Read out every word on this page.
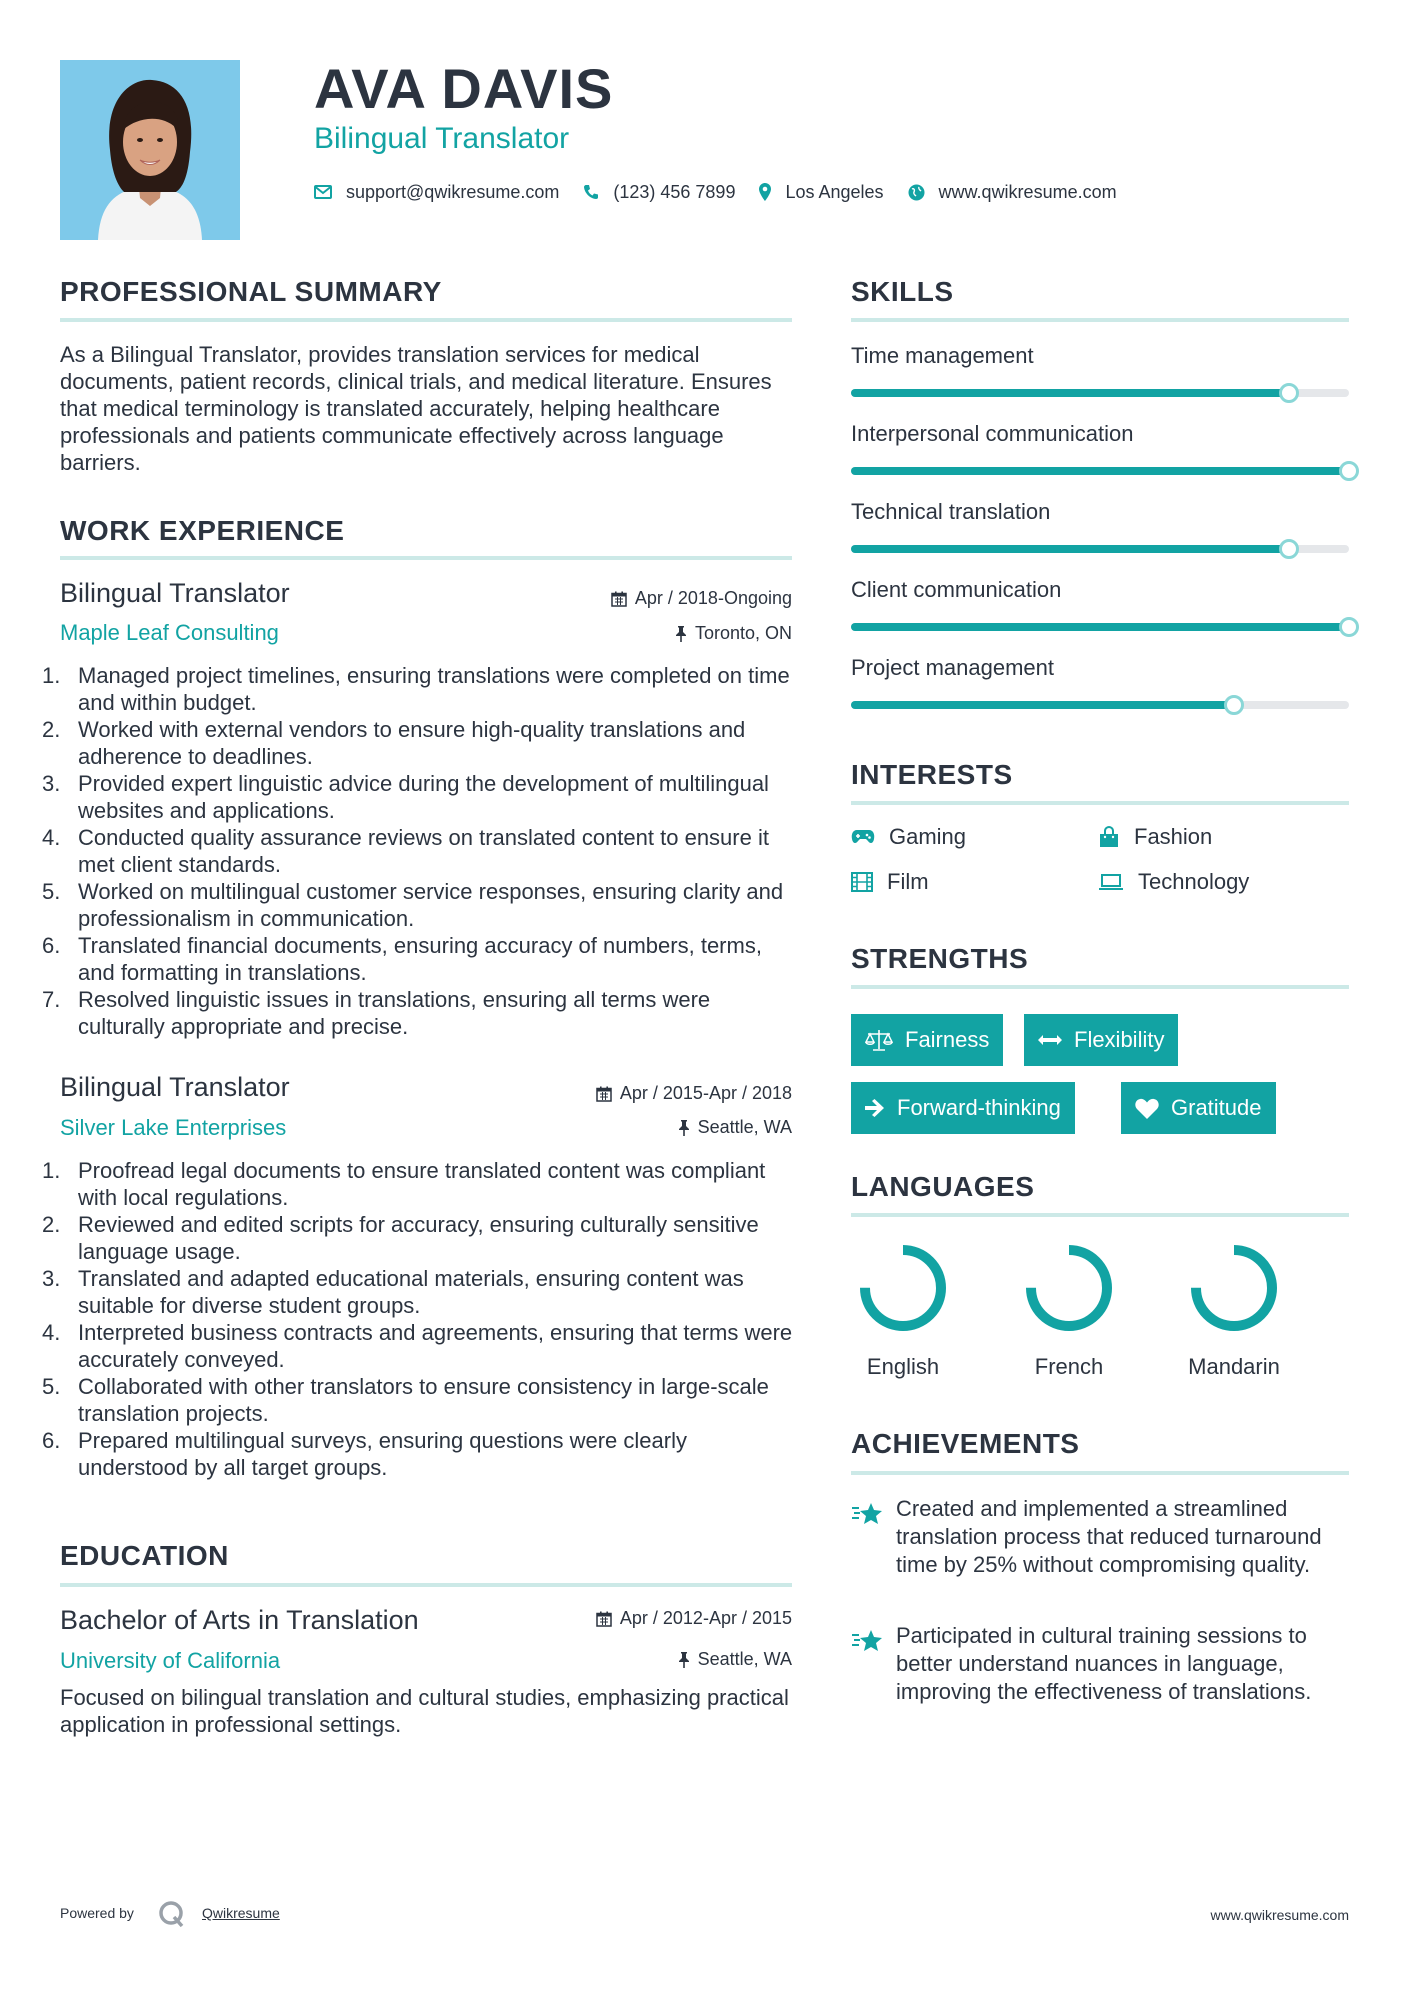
AVA DAVIS
Bilingual Translator
support@qwikresume.com	(123) 456 7899	Los Angeles	www.qwikresume.com
PROFESSIONAL SUMMARY
As a Bilingual Translator, provides translation services for medical documents, patient records, clinical trials, and medical literature. Ensures that medical terminology is translated accurately, helping healthcare professionals and patients communicate effectively across language barriers.
WORK EXPERIENCE
Bilingual Translator	Apr / 2018-Ongoing
Maple Leaf Consulting	Toronto, ON
1. Managed project timelines, ensuring translations were completed on time and within budget.
2. Worked with external vendors to ensure high-quality translations and adherence to deadlines.
3. Provided expert linguistic advice during the development of multilingual websites and applications.
4. Conducted quality assurance reviews on translated content to ensure it met client standards.
5. Worked on multilingual customer service responses, ensuring clarity and professionalism in communication.
6. Translated financial documents, ensuring accuracy of numbers, terms, and formatting in translations.
7. Resolved linguistic issues in translations, ensuring all terms were culturally appropriate and precise.
Bilingual Translator	Apr / 2015-Apr / 2018
Silver Lake Enterprises	Seattle, WA
1. Proofread legal documents to ensure translated content was compliant with local regulations.
2. Reviewed and edited scripts for accuracy, ensuring culturally sensitive language usage.
3. Translated and adapted educational materials, ensuring content was suitable for diverse student groups.
4. Interpreted business contracts and agreements, ensuring that terms were accurately conveyed.
5. Collaborated with other translators to ensure consistency in large-scale translation projects.
6. Prepared multilingual surveys, ensuring questions were clearly understood by all target groups.
EDUCATION
Bachelor of Arts in Translation	Apr / 2012-Apr / 2015
University of California	Seattle, WA
Focused on bilingual translation and cultural studies, emphasizing practical application in professional settings.
SKILLS
Time management
Interpersonal communication
Technical translation
Client communication
Project management
INTERESTS
Gaming	Fashion
Film	Technology
STRENGTHS
Fairness	Flexibility
Forward-thinking	Gratitude
LANGUAGES
English	French	Mandarin
ACHIEVEMENTS
Created and implemented a streamlined translation process that reduced turnaround time by 25% without compromising quality.
Participated in cultural training sessions to better understand nuances in language, improving the effectiveness of translations.
Powered by	Qwikresume	www.qwikresume.com
